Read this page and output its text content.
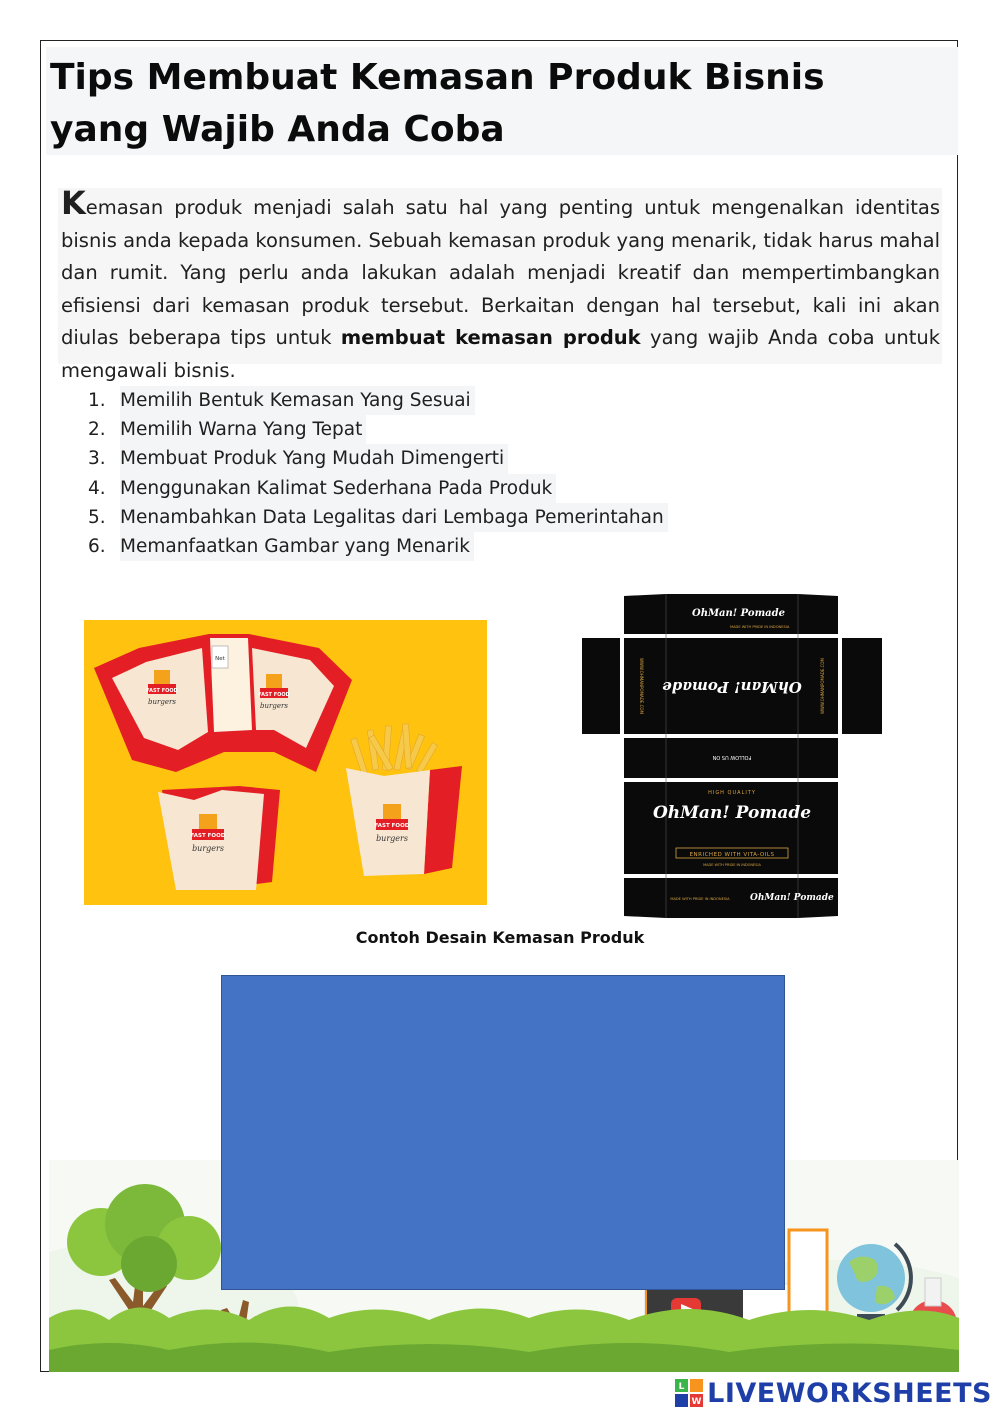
Tips Membuat Kemasan Produk Bisnis yang Wajib Anda Coba

Kemasan produk menjadi salah satu hal yang penting untuk mengenalkan identitas bisnis anda kepada konsumen. Sebuah kemasan produk yang menarik, tidak harus mahal dan rumit. Yang perlu anda lakukan adalah menjadi kreatif dan mempertimbangkan efisiensi dari kemasan produk tersebut. Berkaitan dengan hal tersebut, kali ini akan diulas beberapa tips untuk membuat kemasan produk yang wajib Anda coba untuk mengawali bisnis.

1. Memilih Bentuk Kemasan Yang Sesuai
2. Memilih Warna Yang Tepat
3. Membuat Produk Yang Mudah Dimengerti
4. Menggunakan Kalimat Sederhana Pada Produk
5. Menambahkan Data Legalitas dari Lembaga Pemerintahan
6. Memanfaatkan Gambar yang Menarik
Net
FAST FOOD
burgers
FAST FOOD
burgers
FAST FOOD
burgers
FAST FOOD
burgers
OhMan! Pomade
MADE WITH PRIDE IN INDONESIA
OhMan! Pomade
WWW.OHMANPOMADE.COM	WWW.OHMANPOMADE.COM
FOLLOW US ON
HIGH QUALITY
OhMan! Pomade
ENRICHED WITH VITA-OILS
MADE WITH PRIDE IN INDONESIA
MADE WITH PRIDE IN INDONESIA OhMan! Pomade
Contoh Desain Kemasan Produk
L
W LIVEWORKSHEETS
